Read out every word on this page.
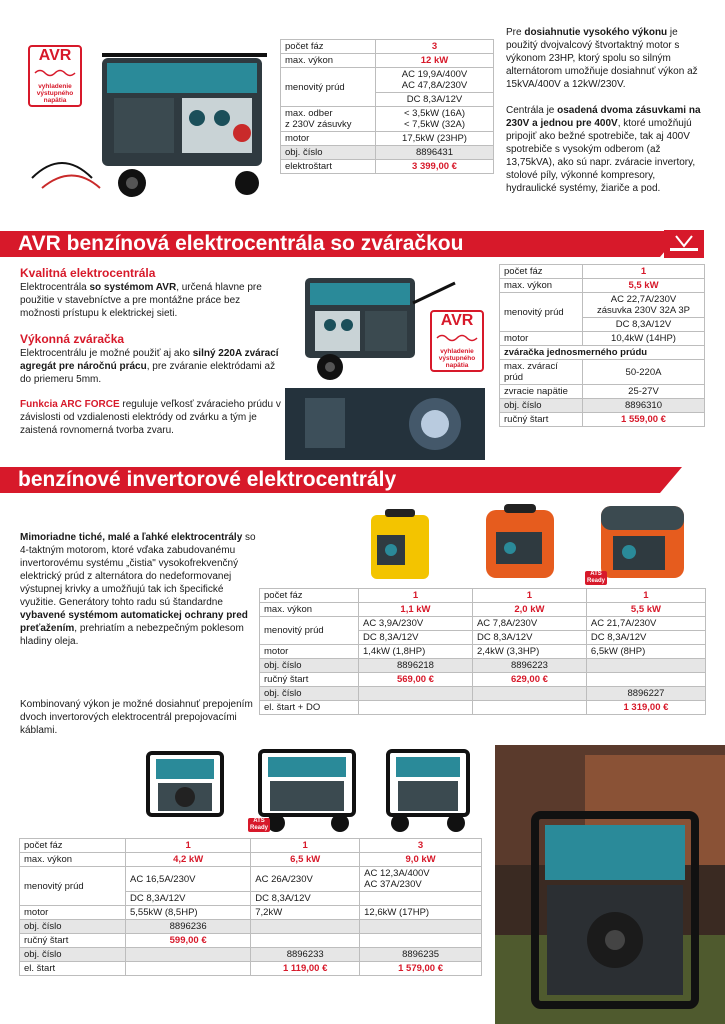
AVR
vyhladenie výstupného napätia
počet fáz	3
max. výkon	12 kW
menovitý prúd	AC 19,9A/400V
AC 47,8A/230V
	DC 8,3A/12V
max. odber
z 230V zásuvky	< 3,5kW (16A)
< 7,5kW (32A)
motor	17,5kW (23HP)
obj. číslo	8896431
elektroštart	3 399,00 €
Pre dosiahnutie vysokého výkonu je použitý dvojvalcový štvortaktný motor s výkonom 23HP, ktorý spolu so silným alternátorom umožňuje dosiahnuť výkon až 15kVA/400V a 12kW/230V.
Centrála je osadená dvoma zásuvkami na 230V a jednou pre 400V, ktoré umožňujú pripojiť ako bežné spotrebiče, tak aj 400V spotrebiče s vysokým odberom (až 13,75kVA), ako sú napr. zváracie invertory, stolové píly, výkonné kompresory, hydraulické systémy, žiariče a pod.
AVR benzínová elektrocentrála so zváračkou
Kvalitná elektrocentrála
Elektrocentrála so systémom AVR, určená hlavne pre použitie v stavebníctve a pre montážne práce bez možnosti prístupu k elektrickej sieti.
Výkonná zváračka
Elektrocentrálu je možné použiť aj ako silný 220A zvárací agregát pre náročnú prácu, pre zváranie elektródami až do priemeru 5mm.
Funkcia ARC FORCE reguluje veľkosť zváracieho prúdu v závislosti od vzdialenosti elektródy od zvárku a tým je zaistená rovnomerná tvorba zvaru.
AVR
vyhladenie výstupného napätia
počet fáz	1
max. výkon	5,5 kW
menovitý prúd	AC 22,7A/230V
zásuvka 230V 32A 3P
	DC 8,3A/12V
motor	10,4kW (14HP)
zváračka jednosmerného prúdu	
max. zvárací prúd	50-220A
zvracie napätie	25-27V
obj. číslo	8896310
ručný štart	1 559,00 €
benzínové invertorové elektrocentrály
Mimoriadne tiché, malé a ľahké elektrocentrály so 4-taktným motorom, ktoré vďaka zabudovanému invertorovému systému „čistia" vysokofrekvenčný elektrický prúd z alternátora do nedeformovanej výstupnej krivky a umožňujú tak ich špecifické využitie. Generátory tohto radu sú štandardne vybavené systémom automatickej ochrany pred preťažením, prehriatím a nebezpečným poklesom hladiny oleja.
Kombinovaný výkon je možné dosiahnuť prepojením dvoch invertorových elektrocentrál prepojovacími káblami.
ATS Ready
počet fáz	1	1	1
max. výkon	1,1 kW	2,0 kW	5,5 kW
menovitý prúd	AC 3,9A/230V	AC 7,8A/230V	AC 21,7A/230V
	DC 8,3A/12V	DC 8,3A/12V	DC 8,3A/12V
motor	1,4kW (1,8HP)	2,4kW (3,3HP)	6,5kW (8HP)
obj. číslo	8896218	8896223	
ručný štart	569,00 €	629,00 €	
obj. číslo			8896227
el. štart + DO			1 319,00 €
ATS Ready
počet fáz	1	1	3
max. výkon	4,2 kW	6,5 kW	9,0 kW
menovitý prúd	AC 16,5A/230V	AC 26A/230V	AC 12,3A/400V
AC 37A/230V
	DC 8,3A/12V	DC 8,3A/12V	
motor	5,55kW (8,5HP)	7,2kW	12,6kW (17HP)
obj. číslo	8896236		
ručný štart	599,00 €		
obj. číslo		8896233	8896235
el. štart		1 119,00 €	1 579,00 €
